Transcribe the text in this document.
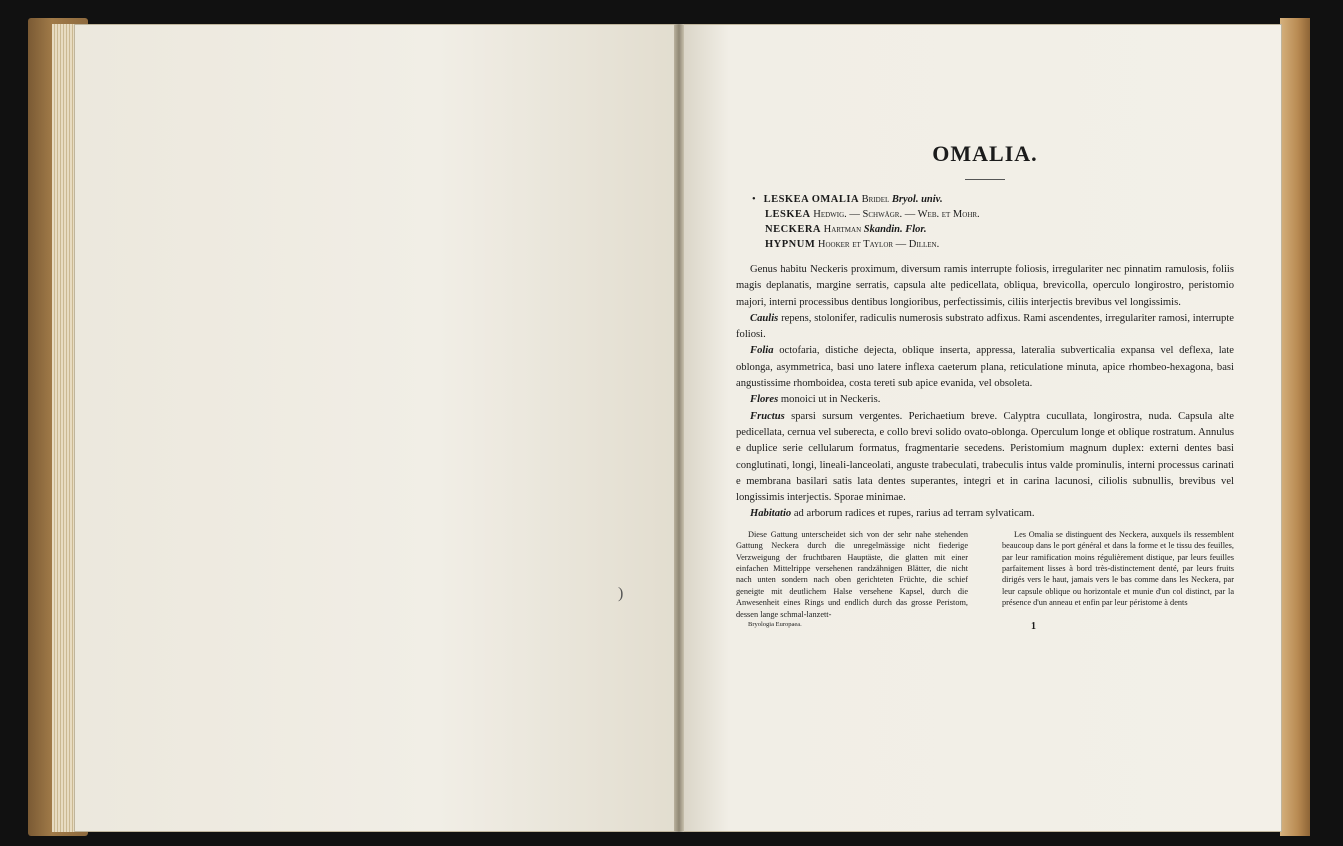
)
OMALIA.
•   LESKEA OMALIA Bridel Bryol. univ.
LESKEA Hedwig. — Schwägr. — Web. et Mohr.
NECKERA Hartman Skandin. Flor.
HYPNUM Hooker et Taylor — Dillen.

Genus habitu Neckeris proximum, diversum ramis interrupte foliosis, irregulariter nec pinnatim ramulosis, foliis magis deplanatis, margine serratis, capsula alte pedicellata, obliqua, brevicolla, operculo longirostro, peristomio majori, interni processibus dentibus longioribus, perfectissimis, ciliis interjectis brevibus vel longissimis.

Caulis repens, stolonifer, radiculis numerosis substrato adfixus. Rami ascendentes, irregulariter ramosi, interrupte foliosi.

Folia octofaria, distiche dejecta, oblique inserta, appressa, lateralia subverticalia expansa vel deflexa, late oblonga, asymmetrica, basi uno latere inflexa caeterum plana, reticulatione minuta, apice rhombeo-hexagona, basi angustissime rhomboidea, costa tereti sub apice evanida, vel obsoleta.

Flores monoici ut in Neckeris.

Fructus sparsi sursum vergentes. Perichaetium breve. Calyptra cucullata, longirostra, nuda. Capsula alte pedicellata, cernua vel suberecta, e collo brevi solido ovato-oblonga. Operculum longe et oblique rostratum. Annulus e duplice serie cellularum formatus, fragmentarie secedens. Peristomium magnum duplex: externi dentes basi conglutinati, longi, lineali-lanceolati, anguste trabeculati, trabeculis intus valde prominulis, interni processus carinati e membrana basilari satis lata dentes superantes, integri et in carina lacunosi, ciliolis subnullis, brevibus vel longissimis interjectis. Sporae minimae.

Habitatio ad arborum radices et rupes, rarius ad terram sylvaticam.

Diese Gattung unterscheidet sich von der sehr nahe stehenden Gattung Neckera durch die unregelmässige nicht fiederige Verzweigung der fruchtbaren Hauptäste, die glatten mit einer einfachen Mittelrippe versehenen randzähnigen Blätter, die nicht nach unten sondern nach oben gerichteten Früchte, die schief geneigte mit deutlichem Halse versehene Kapsel, durch die Anwesenheit eines Rings und endlich durch das grosse Peristom, dessen lange schmal-lanzett-

Les Omalia se distinguent des Neckera, auxquels ils ressemblent beaucoup dans le port général et dans la forme et le tissu des feuilles, par leur ramification moins régulièrement distique, par leurs feuilles parfaitement lisses à bord très-distinctement denté, par leurs fruits dirigés vers le haut, jamais vers le bas comme dans les Neckera, par leur capsule oblique ou horizontale et munie d'un col distinct, par la présence d'un anneau et enfin par leur péristome à dents

Bryologia Europaea.	1
